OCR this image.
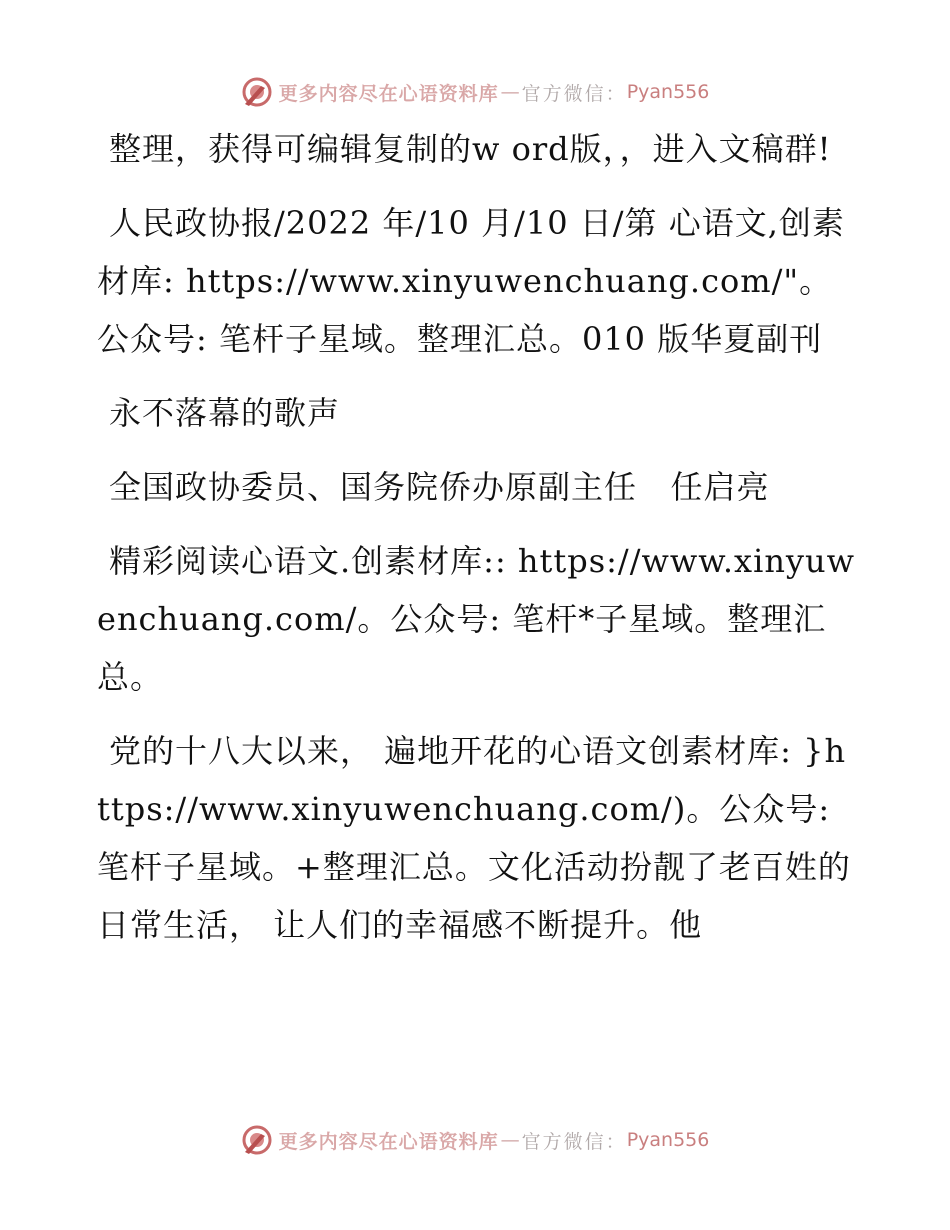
更多内容尽在心语资料库 — 官方微信： Pyan556

整理，获得可编辑复制的w ord版，，进入文稿群!

人民政协报/2022 年/10 月/10 日/第 心语文,创素材库: https://www.xinyuwenchuang.com/"。公众号: 笔杆子星域。整理汇总。010 版华夏副刊

永不落幕的歌声

全国政协委员、国务院侨办原副主任   任启亮

精彩阅读心语文.创素材库:: https://www.xinyuwenchuang.com/。公众号: 笔杆*子星域。整理汇总。

党的十八大以来， 遍地开花的心语文创素材库: }https://www.xinyuwenchuang.com/)。公众号: 笔杆子星域。+整理汇总。文化活动扮靓了老百姓的日常生活， 让人们的幸福感不断提升。他

更多内容尽在心语资料库 — 官方微信： Pyan556
